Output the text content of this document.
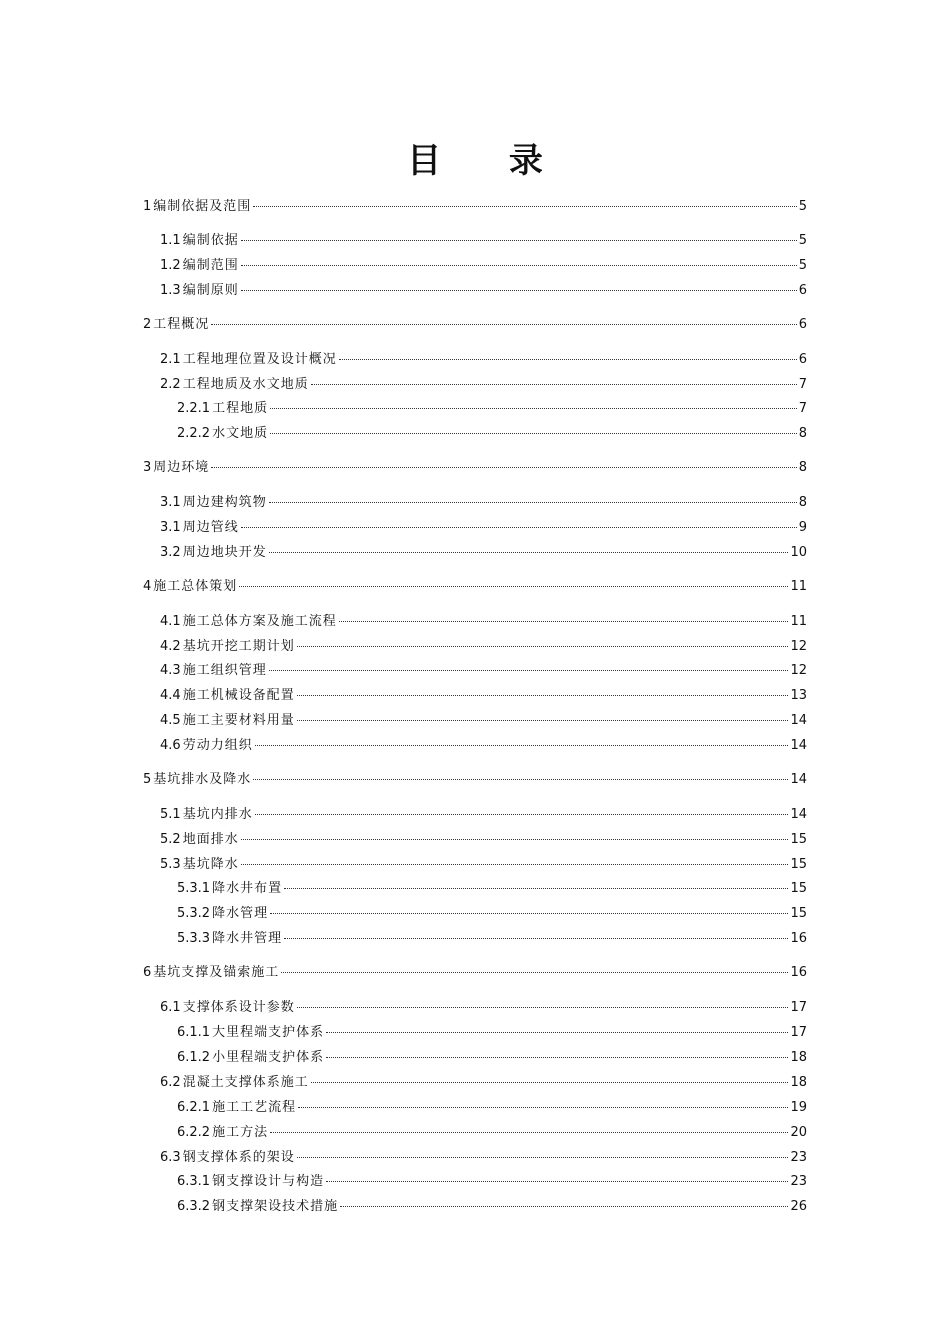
目 录
1 编制依据及范围	5
1.1 编制依据	5
1.2 编制范围	5
1.3 编制原则	6
2 工程概况	6
2.1 工程地理位置及设计概况	6
2.2 工程地质及水文地质	7
2.2.1 工程地质	7
2.2.2 水文地质	8
3 周边环境	8
3.1 周边建构筑物	8
3.1 周边管线	9
3.2 周边地块开发	10
4 施工总体策划	11
4.1 施工总体方案及施工流程	11
4.2 基坑开挖工期计划	12
4.3 施工组织管理	12
4.4 施工机械设备配置	13
4.5 施工主要材料用量	14
4.6 劳动力组织	14
5 基坑排水及降水	14
5.1 基坑内排水	14
5.2 地面排水	15
5.3 基坑降水	15
5.3.1 降水井布置	15
5.3.2 降水管理	15
5.3.3 降水井管理	16
6 基坑支撑及锚索施工	16
6.1 支撑体系设计参数	17
6.1.1 大里程端支护体系	17
6.1.2 小里程端支护体系	18
6.2 混凝土支撑体系施工	18
6.2.1 施工工艺流程	19
6.2.2 施工方法	20
6.3 钢支撑体系的架设	23
6.3.1 钢支撑设计与构造	23
6.3.2 钢支撑架设技术措施	26
